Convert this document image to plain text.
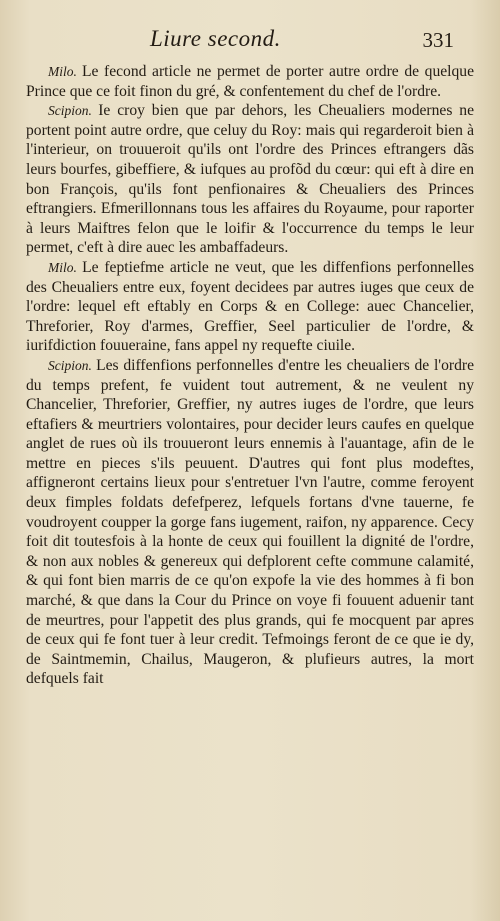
Liure second.	331

Milo. Le fecond article ne permet de porter autre ordre de quelque Prince que ce foit finon du gré, & confentement du chef de l'ordre.

Scipion. Ie croy bien que par dehors, les Cheualiers modernes ne portent point autre ordre, que celuy du Roy: mais qui regarderoit bien à l'interieur, on trouueroit qu'ils ont l'ordre des Princes eftrangers dãs leurs bourfes, gibeffiere, & iufques au profõd du cœur: qui eft à dire en bon François, qu'ils font penfionaires & Cheualiers des Princes eftrangiers. Efmerillonnans tous les affaires du Royaume, pour raporter à leurs Maiftres felon que le loifir & l'occurrence du temps le leur permet, c'eft à dire auec les ambaffadeurs.

Milo. Le feptiefme article ne veut, que les diffenfions perfonnelles des Cheualiers entre eux, foyent decidees par autres iuges que ceux de l'ordre: lequel eft eftably en Corps & en College: auec Chancelier, Threforier, Roy d'armes, Greffier, Seel particulier de l'ordre, & iurifdiction fouueraine, fans appel ny requefte ciuile.

Scipion. Les diffenfions perfonnelles d'entre les cheualiers de l'ordre du temps prefent, fe vuident tout autrement, & ne veulent ny Chancelier, Threforier, Greffier, ny autres iuges de l'ordre, que leurs eftafiers & meurtriers volontaires, pour decider leurs caufes en quelque anglet de rues où ils trouueront leurs ennemis à l'auantage, afin de le mettre en pieces s'ils peuuent. D'autres qui font plus modeftes, affigneront certains lieux pour s'entretuer l'vn l'autre, comme feroyent deux fimples foldats defefperez, lefquels fortans d'vne tauerne, fe voudroyent coupper la gorge fans iugement, raifon, ny apparence. Cecy foit dit toutesfois à la honte de ceux qui fouillent la dignité de l'ordre, & non aux nobles & genereux qui defplorent cefte commune calamité, & qui font bien marris de ce qu'on expofe la vie des hommes à fi bon marché, & que dans la Cour du Prince on voye fi fouuent aduenir tant de meurtres, pour l'appetit des plus grands, qui fe mocquent par apres de ceux qui fe font tuer à leur credit. Tefmoings feront de ce que ie dy, de Saintmemin, Chailus, Maugeron, & plufieurs autres, la mort defquels fait
